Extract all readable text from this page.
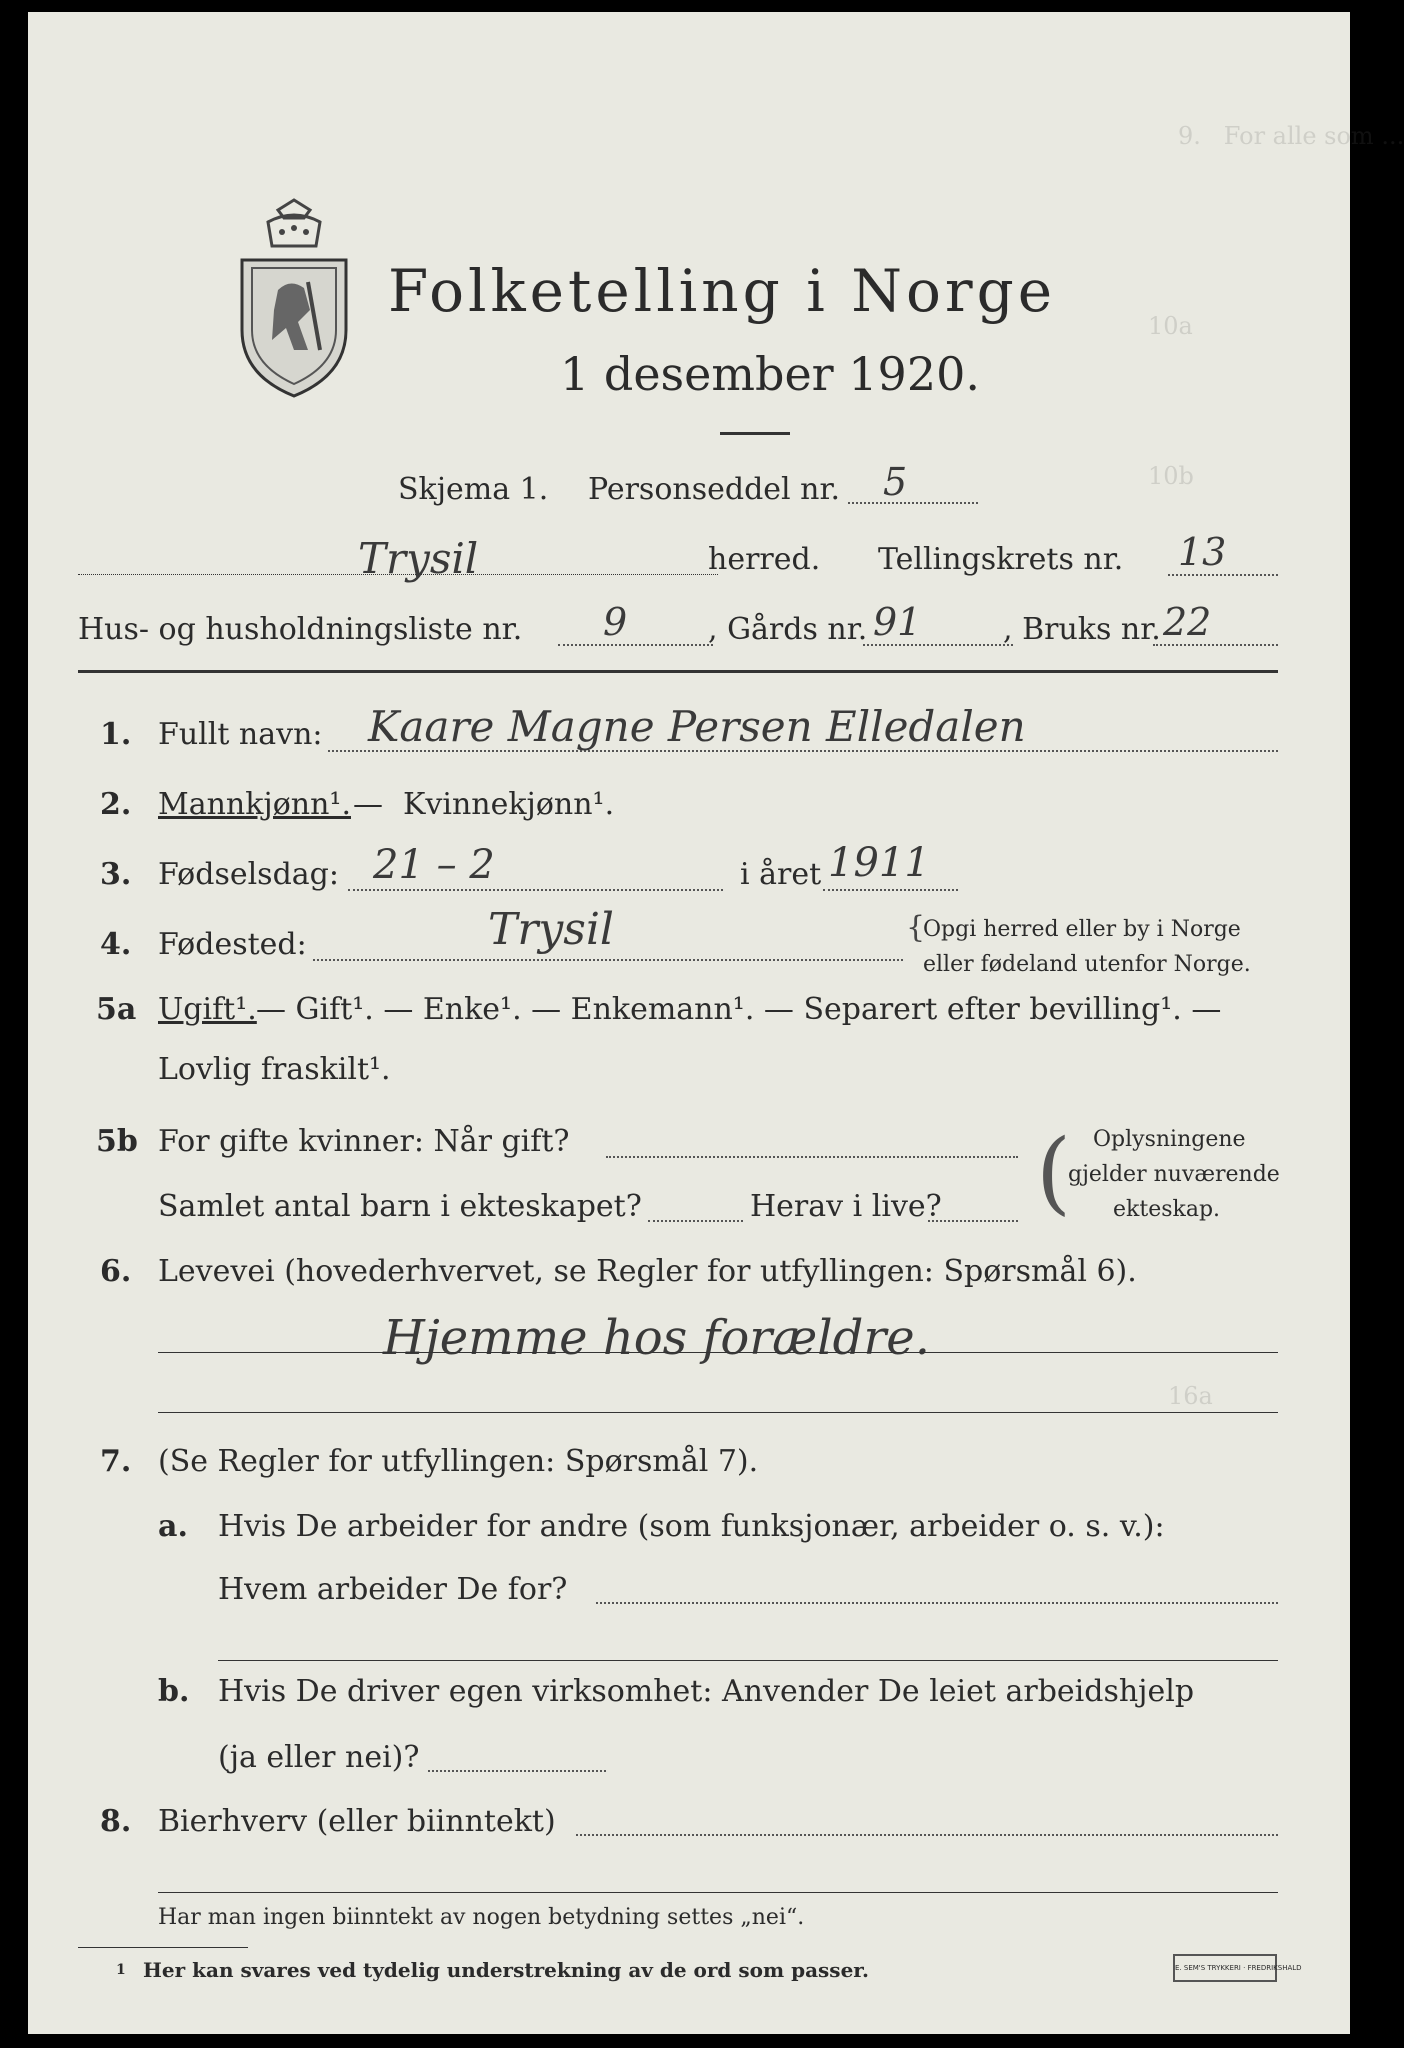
9.   For alle som ...
10a
10b
16a
Folketelling i Norge
1 desember 1920.
Skjema 1. Personseddel nr. 5
Trysil	herred. Tellingskrets nr. 13
Hus- og husholdningsliste nr. 9	, Gårds nr. 91	, Bruks nr. 22
1. Fullt navn: Kaare Magne Persen Elledalen
2. Mannkjønn¹. — Kvinnekjønn¹.
3. Fødselsdag: 21 – 2	i året 1911
4. Fødested:	Trysil	{
Opgi herred eller by i Norge
eller fødeland utenfor Norge.
5a Ugift¹. — Gift¹. — Enke¹. — Enkemann¹. — Separert efter bevilling¹. —
Lovlig fraskilt¹.
5b For gifte kvinner: Når gift?
Samlet antal barn i ekteskapet?	Herav i live? ( Oplysningene
gjelder nuværende
ekteskap.
6. Levevei (hovederhvervet, se Regler for utfyllingen: Spørsmål 6).
Hjemme hos forældre.
7. (Se Regler for utfyllingen: Spørsmål 7).
a. Hvis De arbeider for andre (som funksjonær, arbeider o. s. v.):
Hvem arbeider De for?
b. Hvis De driver egen virksomhet: Anvender De leiet arbeidshjelp
(ja eller nei)?
8. Bierhverv (eller biinntekt)
Har man ingen biinntekt av nogen betydning settes „nei“.
1 Her kan svares ved tydelig understrekning av de ord som passer.	E. SEM'S TRYKKERI · FREDRIKSHALD
